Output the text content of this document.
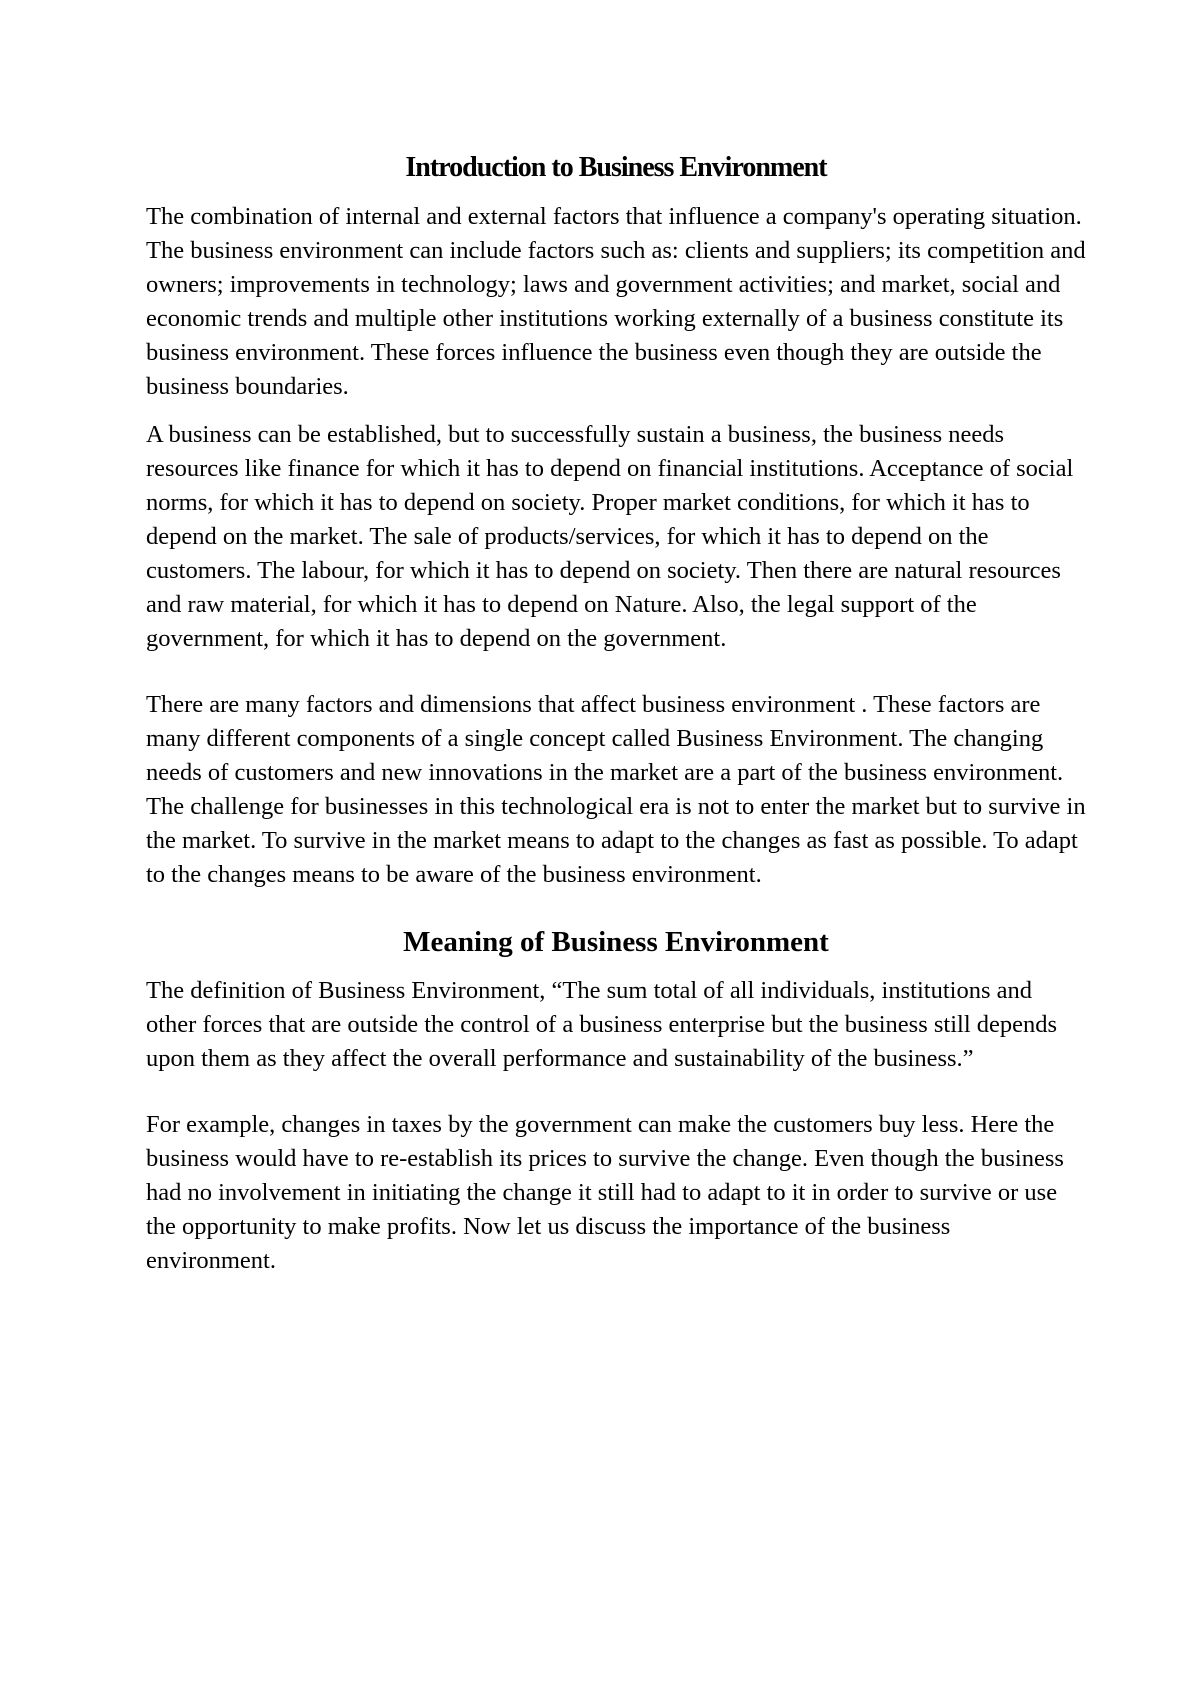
Introduction to Business Environment

The combination of internal and external factors that influence a company's operating situation. The business environment can include factors such as: clients and suppliers; its competition and owners; improvements in technology; laws and government activities; and market, social and economic trends and multiple other institutions working externally of a business constitute its business environment. These forces influence the business even though they are outside the business boundaries.

A business can be established, but to successfully sustain a business, the business needs resources like finance for which it has to depend on financial institutions. Acceptance of social norms, for which it has to depend on society. Proper market conditions, for which it has to depend on the market. The sale of products/services, for which it has to depend on the customers. The labour, for which it has to depend on society. Then there are natural resources and raw material, for which it has to depend on Nature. Also, the legal support of the government, for which it has to depend on the government.

There are many factors and dimensions that affect business environment . These factors are many different components of a single concept called Business Environment. The changing needs of customers and new innovations in the market are a part of the business environment. The challenge for businesses in this technological era is not to enter the market but to survive in the market. To survive in the market means to adapt to the changes as fast as possible. To adapt to the changes means to be aware of the business environment.

Meaning of Business Environment

The definition of Business Environment, “The sum total of all individuals, institutions and other forces that are outside the control of a business enterprise but the business still depends upon them as they affect the overall performance and sustainability of the business.”

For example, changes in taxes by the government can make the customers buy less. Here the business would have to re-establish its prices to survive the change. Even though the business had no involvement in initiating the change it still had to adapt to it in order to survive or use the opportunity to make profits. Now let us discuss the importance of the business environment.
